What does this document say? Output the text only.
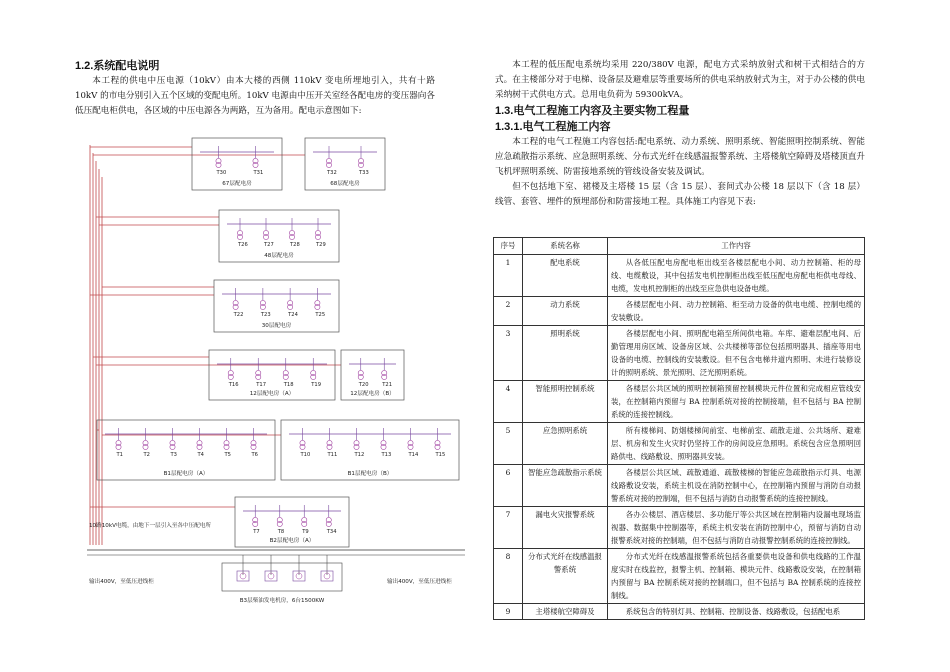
1.2.系统配电说明

本工程的供电中压电源（10kV）由本大楼的西侧 110kV 变电所埋地引入，共有十路 10kV 的市电分别引入五个区域的变配电所。10kV 电源由中压开关室经各配电房的变压器向各低压配电柜供电，各区域的中压电源各为两路，互为备用。配电示意图如下:

T30	T31
67层配电房
T32	T33
68层配电房
T26	T27	T28	T29
48层配电房
T22	T23	T24	T25
30层配电房
T16	T17	T18	T19
12层配电房（A）
T20	T21
12层配电房（B）
T1	T2	T3	T4	T5	T6
B1层配电房（A）
T10	T11	T12	T13	T14	T15
B1层配电房（B）
T7	T8	T9	T34
B2层配电房（A）
10路10kV电缆，由地下一层引入至各中压配电所
输出400V，至低压进线柜	输出400V，至低压进线柜
B3层柴油发电机房，6台1500KW

本工程的低压配电系统均采用 220/380V 电源，配电方式采纳放射式和树干式相结合的方式。在主楼部分对于电梯、设备层及避难层等重要场所的供电采纳放射式为主，对于办公楼的供电采纳树干式供电方式。总用电负荷为 59300kVA。

1.3.电气工程施工内容及主要实物工程量
1.3.1.电气工程施工内容

本工程的电气工程施工内容包括:配电系统、动力系统、照明系统、智能照明控制系统、智能应急疏散指示系统、应急照明系统、分布式光纤在线感温报警系统、主塔楼航空障碍及塔楼顶直升飞机坪照明系统、防雷接地系统的管线设备安装及调试。

但不包括地下室、裙楼及主塔楼 15 层（含 15 层）、套间式办公楼 18 层以下（含 18 层）线管、套管、埋件的预埋部份和防雷接地工程。具体施工内容见下表:

序号	系统名称	工作内容
1	配电系统	从各低压配电房配电柜出线至各楼层配电小间、动力控制箱、柜的母线、电缆敷设，其中包括发电机控制柜出线至低压配电房配电柜供电母线、电缆，发电机控制柜的出线至应急供电设备电缆。
2	动力系统	各楼层配电小间、动力控制箱、柜至动力设备的供电电缆、控制电缆的安装敷设。
3	照明系统	各楼层配电小间、照明配电箱至所间供电箱。车库、避难层配电间、后勤管理用房区域、设备房区域、公共楼梯等部位包括照明器具、插座等用电设备的电缆、控制线的安装敷设。但不包含电梯井道内照明、未进行装修设计的照明系统、景光照明、泛光照明系统。
4	智能照明控制系统	各楼层公共区域的照明控制箱预留控制模块元件位置和完成相应管线安装，在控制箱内预留与 BA 控制系统对接的控制接端，但不包括与 BA 控制系统的连接控制线。
5	应急照明系统	所有楼梯间、防烟楼梯间前室、电梯前室、疏散走道、公共场所、避难层、机房和发生火灾时仍坚持工作的房间设应急照明。系统包含应急照明回路供电、线路敷设、照明器具安装。
6	智能应急疏散指示系统	各楼层公共区域、疏散通道、疏散楼梯的智能应急疏散指示灯具、电源线路敷设安装，系统主机设在消防控制中心，在控制箱内预留与消防自动报警系统对接的控制端，但不包括与消防自动报警系统的连接控制线。
7	漏电火灾报警系统	各办公楼层、酒店楼层、多功能厅等公共区域在控制箱内设漏电现场监视器、数据集中控制器等，系统主机安装在消防控制中心，预留与消防自动报警系统对接的控制端，但不包括与消防自动报警控制系统的连接控制线。
8	分布式光纤在线感温报警系统	分布式光纤在线感温报警系统包括各重要供电设备和供电线路的工作温度实时在线监控，报警主机、控制箱、模块元件、线路敷设安装，在控制箱内预留与 BA 控制系统对接的控制端口，但不包括与 BA 控制系统的连接控制线。
9	主塔楼航空障碍及	系统包含的特别灯具、控制箱、控制设备、线路敷设，包括配电系
